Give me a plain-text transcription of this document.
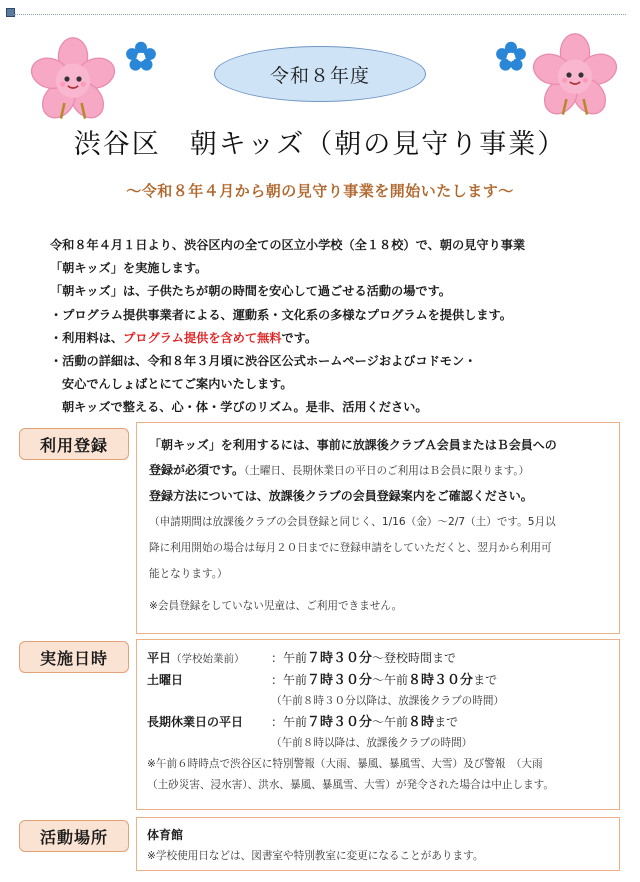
令和８年度
渋谷区　朝キッズ（朝の見守り事業）
～令和８年４月から朝の見守り事業を開始いたします～
令和８年４月１日より、渋谷区内の全ての区立小学校（全１８校）で、朝の見守り事業
「朝キッズ」を実施します。
「朝キッズ」は、子供たちが朝の時間を安心して過ごせる活動の場です。
・プログラム提供事業者による、運動系・文化系の多様なプログラムを提供します。
・利用料は、プログラム提供を含めて無料です。
・活動の詳細は、令和８年３月頃に渋谷区公式ホームページおよびコドモン・
安心でんしょばとにてご案内いたします。
朝キッズで整える、心・体・学びのリズム。是非、活用ください。
利用登録	「朝キッズ」を利用するには、事前に放課後クラブＡ会員またはＢ会員への
登録が必須です。（土曜日、長期休業日の平日のご利用はＢ会員に限ります。）
登録方法については、放課後クラブの会員登録案内をご確認ください。
（申請期間は放課後クラブの会員登録と同じく、1/16（金）～2/7（土）です。5月以
降に利用開始の場合は毎月２０日までに登録申請をしていただくと、翌月から利用可
能となります。）
※会員登録をしていない児童は、ご利用できません。
実施日時	平日（学校始業前）	：午前７時３０分～登校時間まで
土曜日	：午前７時３０分～午前８時３０分まで
（午前８時３０分以降は、放課後クラブの時間）
長期休業日の平日	：午前７時３０分～午前８時まで
（午前８時以降は、放課後クラブの時間）
※午前６時時点で渋谷区に特別警報（大雨、暴風、暴風雪、大雪）及び警報　（大雨
（土砂災害、浸水害）、洪水、暴風、暴風雪、大雪）が発令された場合は中止します。
活動場所	体育館
※学校使用日などは、図書室や特別教室に変更になることがあります。
